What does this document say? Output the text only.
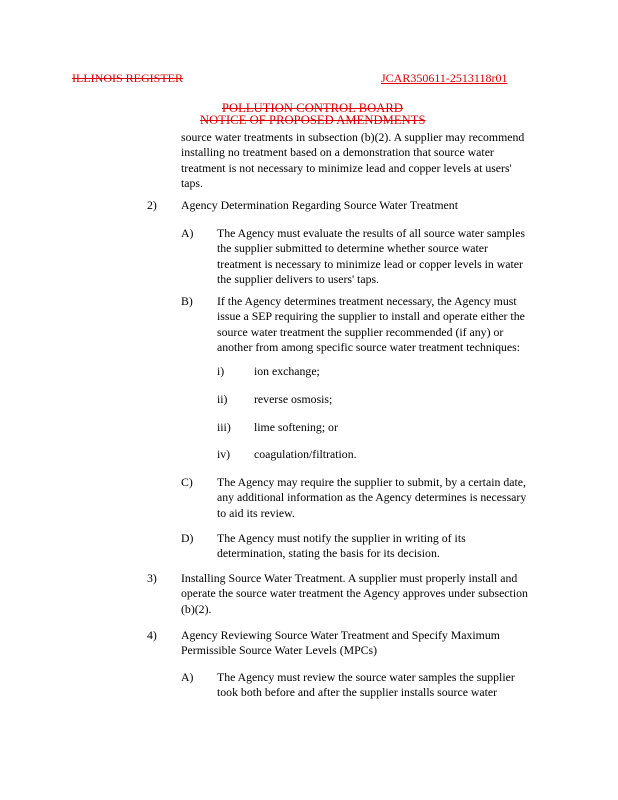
ILLINOIS REGISTER	JCAR350611-2513118r01
POLLUTION CONTROL BOARD
NOTICE OF PROPOSED AMENDMENTS
source water treatments in subsection (b)(2). A supplier may recommend
installing no treatment based on a demonstration that source water
treatment is not necessary to minimize lead and copper levels at users'
taps.
2) Agency Determination Regarding Source Water Treatment
A) The Agency must evaluate the results of all source water samples
the supplier submitted to determine whether source water
treatment is necessary to minimize lead or copper levels in water
the supplier delivers to users' taps.
B) If the Agency determines treatment necessary, the Agency must
issue a SEP requiring the supplier to install and operate either the
source water treatment the supplier recommended (if any) or
another from among specific source water treatment techniques:
i)	ion exchange;
ii) reverse osmosis;
iii) lime softening; or
iv) coagulation/filtration.
C) The Agency may require the supplier to submit, by a certain date,
any additional information as the Agency determines is necessary
to aid its review.
D) The Agency must notify the supplier in writing of its
determination, stating the basis for its decision.
3) Installing Source Water Treatment. A supplier must properly install and
operate the source water treatment the Agency approves under subsection
(b)(2).
4) Agency Reviewing Source Water Treatment and Specify Maximum
Permissible Source Water Levels (MPCs)
A) The Agency must review the source water samples the supplier
took both before and after the supplier installs source water
